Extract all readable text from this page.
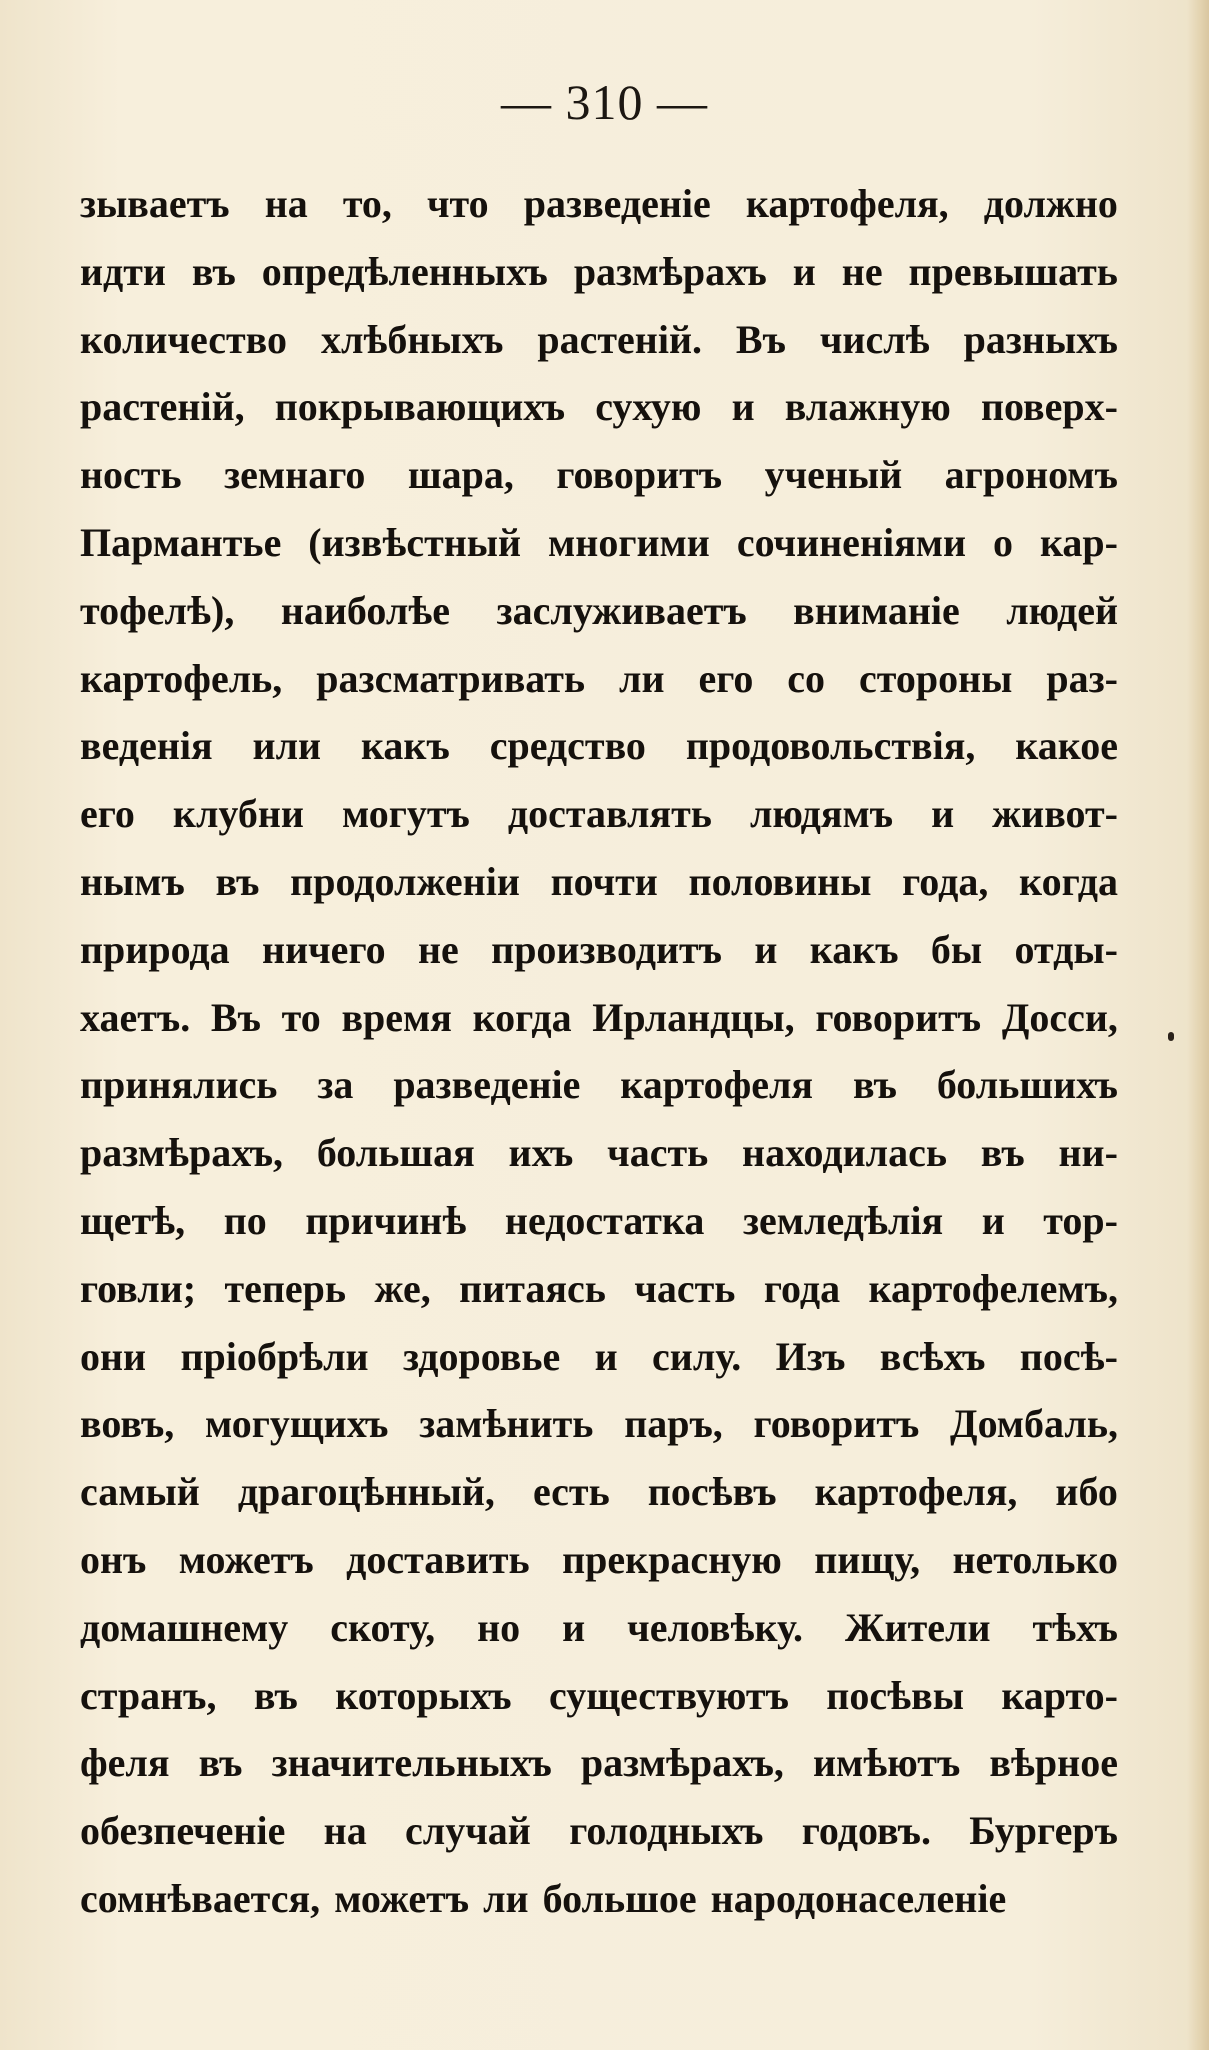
— 310 —
зываетъ на то, что разведенiе картофеля, должно
идти въ опредѣленныхъ размѣрахъ и не превышать
количество хлѣбныхъ растенiй. Въ числѣ разныхъ
растенiй, покрывающихъ сухую и влажную поверх-
ность земнаго шара, говоритъ ученый агрономъ
Пармантье (извѣстный многими сочиненiями о кар-
тофелѣ), наиболѣе заслуживаетъ вниманiе людей
картофель, разсматривать ли его со стороны раз-
веденiя или какъ средство продовольствiя, какое
его клубни могутъ доставлять людямъ и живот-
нымъ въ продолженiи почти половины года, когда
природа ничего не производитъ и какъ бы отды-
хаетъ. Въ то время когда Ирландцы, говоритъ Досси,
принялись за разведенiе картофеля въ большихъ
размѣрахъ, большая ихъ часть находилась въ ни-
щетѣ, по причинѣ недостатка земледѣлiя и тор-
говли; теперь же, питаясь часть года картофелемъ,
они прiобрѣли здоровье и силу. Изъ всѣхъ посѣ-
вовъ, могущихъ замѣнить паръ, говоритъ Домбаль,
самый драгоцѣнный, есть посѣвъ картофеля, ибо
онъ можетъ доставить прекрасную пищу, нетолько
домашнему скоту, но и человѣку. Жители тѣхъ
странъ, въ которыхъ существуютъ посѣвы карто-
феля въ значительныхъ размѣрахъ, имѣютъ вѣрное
обезпеченiе на случай голодныхъ годовъ. Бургеръ
сомнѣвается, можетъ ли большое народонаселенiе
